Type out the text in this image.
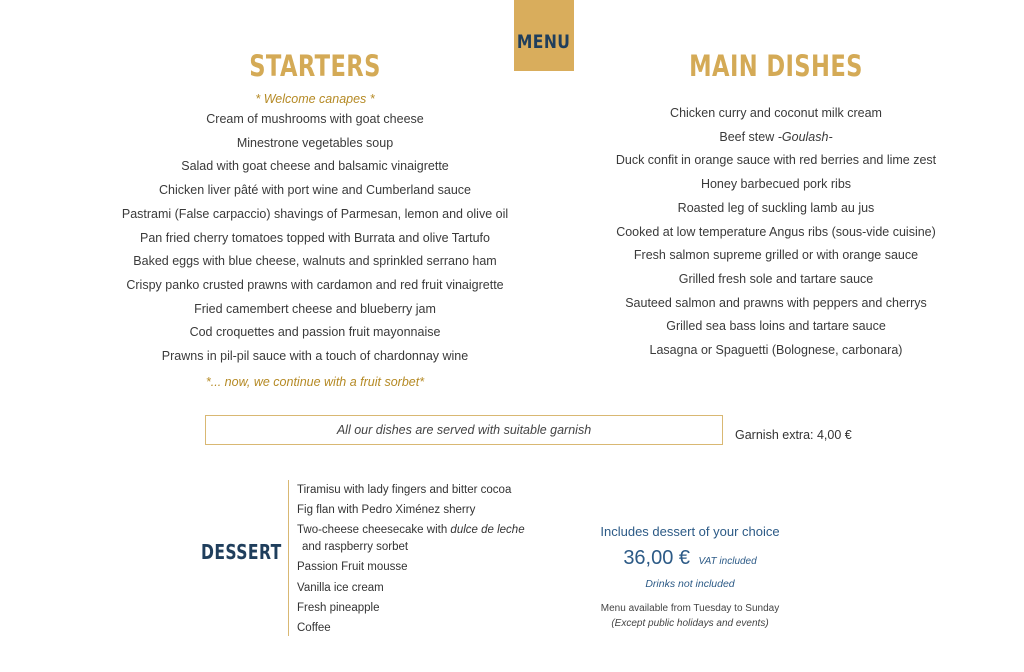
MENU
STARTERS
* Welcome canapes *
Cream of mushrooms with goat cheese
Minestrone vegetables soup
Salad with goat cheese and balsamic vinaigrette
Chicken liver pâté with port wine and Cumberland sauce
Pastrami (False carpaccio) shavings of Parmesan, lemon and olive oil
Pan fried cherry tomatoes topped with Burrata and olive Tartufo
Baked eggs with blue cheese, walnuts and sprinkled serrano ham
Crispy panko crusted prawns with cardamon and red fruit vinaigrette
Fried camembert cheese and blueberry jam
Cod croquettes and passion fruit mayonnaise
Prawns in pil-pil sauce with a touch of chardonnay wine
*... now, we continue with a fruit sorbet*
MAIN DISHES
Chicken curry and coconut milk cream
Beef stew -Goulash-
Duck confit in orange sauce with red berries and lime zest
Honey barbecued pork ribs
Roasted leg of suckling lamb au jus
Cooked at low temperature Angus ribs (sous-vide cuisine)
Fresh salmon supreme grilled or with orange sauce
Grilled fresh sole and tartare sauce
Sauteed salmon and prawns with peppers and cherrys
Grilled sea bass loins and tartare sauce
Lasagna or Spaguetti (Bolognese, carbonara)
All our dishes are served with suitable garnish	Garnish extra: 4,00 €
DESSERT
Tiramisu with lady fingers and bitter cocoa
Fig flan with Pedro Ximénez sherry
Two-cheese cheesecake with dulce de leche
and raspberry sorbet
Passion Fruit mousse
Vanilla ice cream
Fresh pineapple
Coffee
Includes dessert of your choice
36,00 € VAT included
Drinks not included
Menu available from Tuesday to Sunday
(Except public holidays and events)
